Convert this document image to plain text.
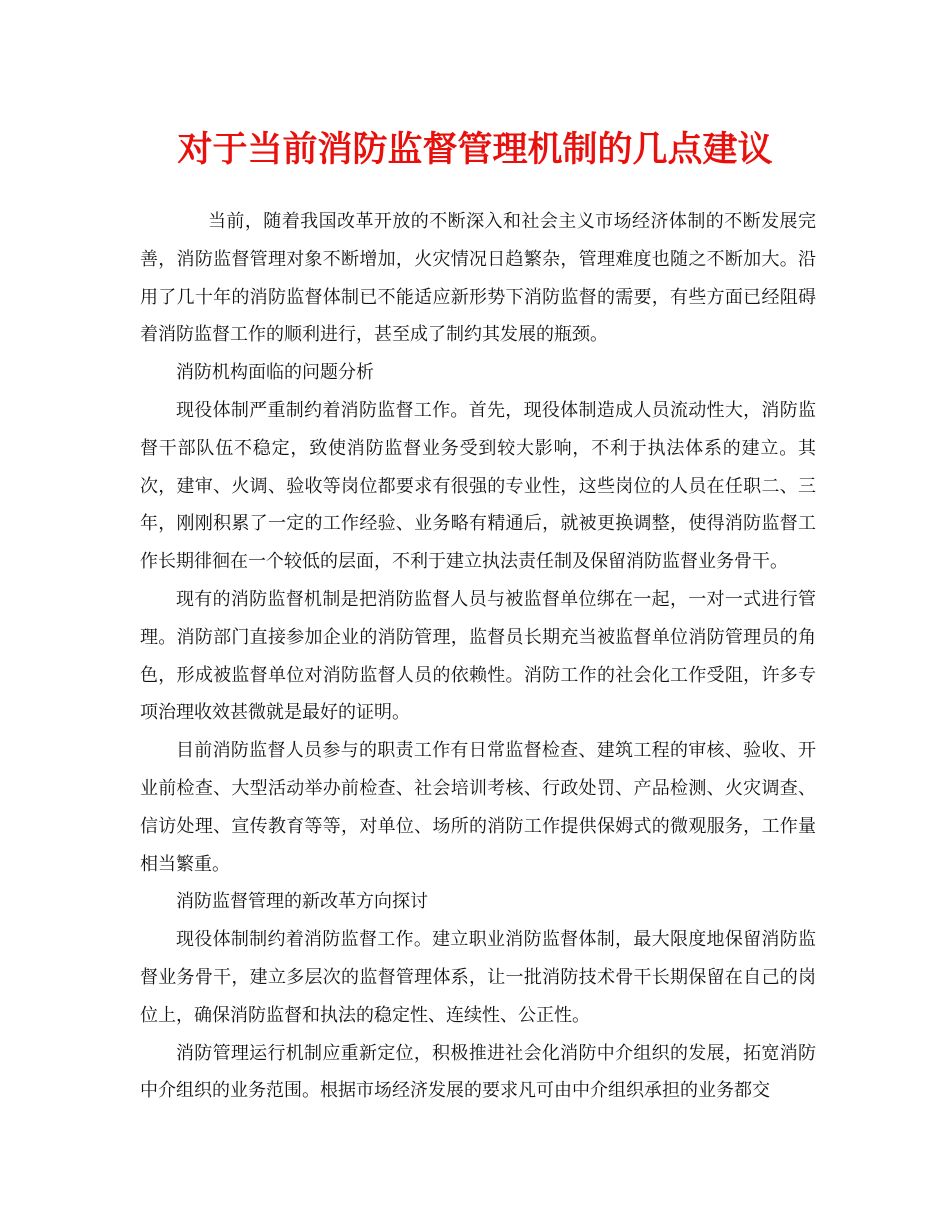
对于当前消防监督管理机制的几点建议

当前，随着我国改革开放的不断深入和社会主义市场经济体制的不断发展完善，消防监督管理对象不断增加，火灾情况日趋繁杂，管理难度也随之不断加大。沿用了几十年的消防监督体制已不能适应新形势下消防监督的需要，有些方面已经阻碍着消防监督工作的顺利进行，甚至成了制约其发展的瓶颈。

消防机构面临的问题分析

现役体制严重制约着消防监督工作。首先，现役体制造成人员流动性大，消防监督干部队伍不稳定，致使消防监督业务受到较大影响，不利于执法体系的建立。其次，建审、火调、验收等岗位都要求有很强的专业性，这些岗位的人员在任职二、三年，刚刚积累了一定的工作经验、业务略有精通后，就被更换调整，使得消防监督工作长期徘徊在一个较低的层面，不利于建立执法责任制及保留消防监督业务骨干。

现有的消防监督机制是把消防监督人员与被监督单位绑在一起，一对一式进行管理。消防部门直接参加企业的消防管理，监督员长期充当被监督单位消防管理员的角色，形成被监督单位对消防监督人员的依赖性。消防工作的社会化工作受阻，许多专项治理收效甚微就是最好的证明。

目前消防监督人员参与的职责工作有日常监督检查、建筑工程的审核、验收、开业前检查、大型活动举办前检查、社会培训考核、行政处罚、产品检测、火灾调查、信访处理、宣传教育等等，对单位、场所的消防工作提供保姆式的微观服务，工作量相当繁重。

消防监督管理的新改革方向探讨

现役体制制约着消防监督工作。建立职业消防监督体制，最大限度地保留消防监督业务骨干，建立多层次的监督管理体系，让一批消防技术骨干长期保留在自己的岗位上，确保消防监督和执法的稳定性、连续性、公正性。

消防管理运行机制应重新定位，积极推进社会化消防中介组织的发展，拓宽消防中介组织的业务范围。根据市场经济发展的要求凡可由中介组织承担的业务都交
